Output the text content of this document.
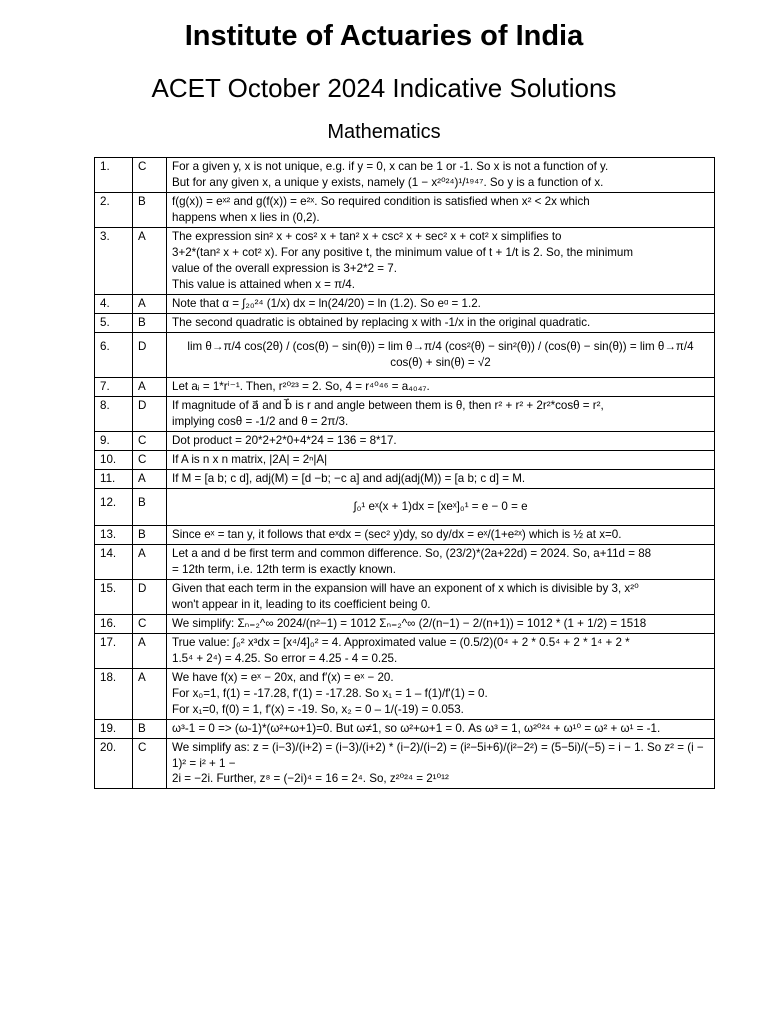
Institute of Actuaries of India
ACET October 2024 Indicative Solutions
Mathematics
1.	C	For a given y, x is not unique, e.g. if y = 0, x can be 1 or -1. So x is not a function of y.
But for any given x, a unique y exists, namely (1 − x²⁰²⁴)¹/¹⁹⁴⁷. So y is a function of x.

2.	B	f(g(x)) = eˣ² and g(f(x)) = e²ˣ. So required condition is satisfied when x² < 2x which
happens when x lies in (0,2).

3.	A	The expression sin² x + cos² x + tan² x + csc² x + sec² x + cot² x simplifies to
3+2*(tan² x + cot² x). For any positive t, the minimum value of t + 1/t is 2. So, the minimum
value of the overall expression is 3+2*2 = 7.
This value is attained when x = π/4.

4.	A	Note that α = ∫₂₀²⁴ (1/x) dx = ln(24/20) = ln (1.2). So eᵅ = 1.2.

5.	B	The second quadratic is obtained by replacing x with -1/x in the original quadratic.

6.	D	lim θ→π/4 cos(2θ) / (cos(θ) − sin(θ)) = lim θ→π/4 (cos²(θ) − sin²(θ)) / (cos(θ) − sin(θ)) = lim θ→π/4 cos(θ) + sin(θ) = √2

7.	A	Let aᵢ = 1*rⁱ⁻¹. Then, r²⁰²³ = 2. So, 4 = r⁴⁰⁴⁶ = a₄₀₄₇.

8.	D	If magnitude of a⃗ and b⃗ is r and angle between them is θ, then r² + r² + 2r²*cosθ = r²,
implying cosθ = -1/2 and θ = 2π/3.

9.	C	Dot product = 20*2+2*0+4*24 = 136 = 8*17.

10.	C	If A is n x n matrix, |2A| = 2ⁿ|A|

11.	A	If M = [a b; c d], adj(M) = [d −b; −c a] and adj(adj(M)) = [a b; c d] = M.

12.	B	∫₀¹ eˣ(x + 1)dx = [xeˣ]₀¹ = e − 0 = e

13.	B	Since eˣ = tan y, it follows that eˣdx = (sec² y)dy, so dy/dx = eˣ/(1+e²ˣ) which is ½ at x=0.

14.	A	Let a and d be first term and common difference. So, (23/2)*(2a+22d) = 2024. So, a+11d = 88
= 12th term, i.e. 12th term is exactly known.

15.	D	Given that each term in the expansion will have an exponent of x which is divisible by 3, x²⁰
won't appear in it, leading to its coefficient being 0.

16.	C	We simplify: Σₙ₌₂^∞ 2024/(n²−1) = 1012 Σₙ₌₂^∞ (2/(n−1) − 2/(n+1)) = 1012 * (1 + 1/2) = 1518

17.	A	True value: ∫₀² x³dx = [x⁴/4]₀² = 4. Approximated value = (0.5/2)(0⁴ + 2 * 0.5⁴ + 2 * 1⁴ + 2 *
1.5⁴ + 2⁴) = 4.25. So error = 4.25 - 4 = 0.25.

18.	A	We have f(x) = eˣ − 20x, and f′(x) = eˣ − 20.
For x₀=1, f(1) = -17.28, f'(1) = -17.28. So x₁ = 1 – f(1)/f'(1) = 0.
For x₁=0, f(0) = 1, f'(x) = -19. So, x₂ = 0 – 1/(-19) = 0.053.

19.	B	ω³-1 = 0 => (ω-1)*(ω²+ω+1)=0. But ω≠1, so ω²+ω+1 = 0. As ω³ = 1, ω²⁰²⁴ + ω¹⁰ = ω² + ω¹ = -1.

20.	C	We simplify as: z = (i−3)/(i+2) = (i−3)/(i+2) * (i−2)/(i−2) = (i²−5i+6)/(i²−2²) = (5−5i)/(−5) = i − 1. So z² = (i − 1)² = i² + 1 −
2i = −2i. Further, z⁸ = (−2i)⁴ = 16 = 2⁴. So, z²⁰²⁴ = 2¹⁰¹²
